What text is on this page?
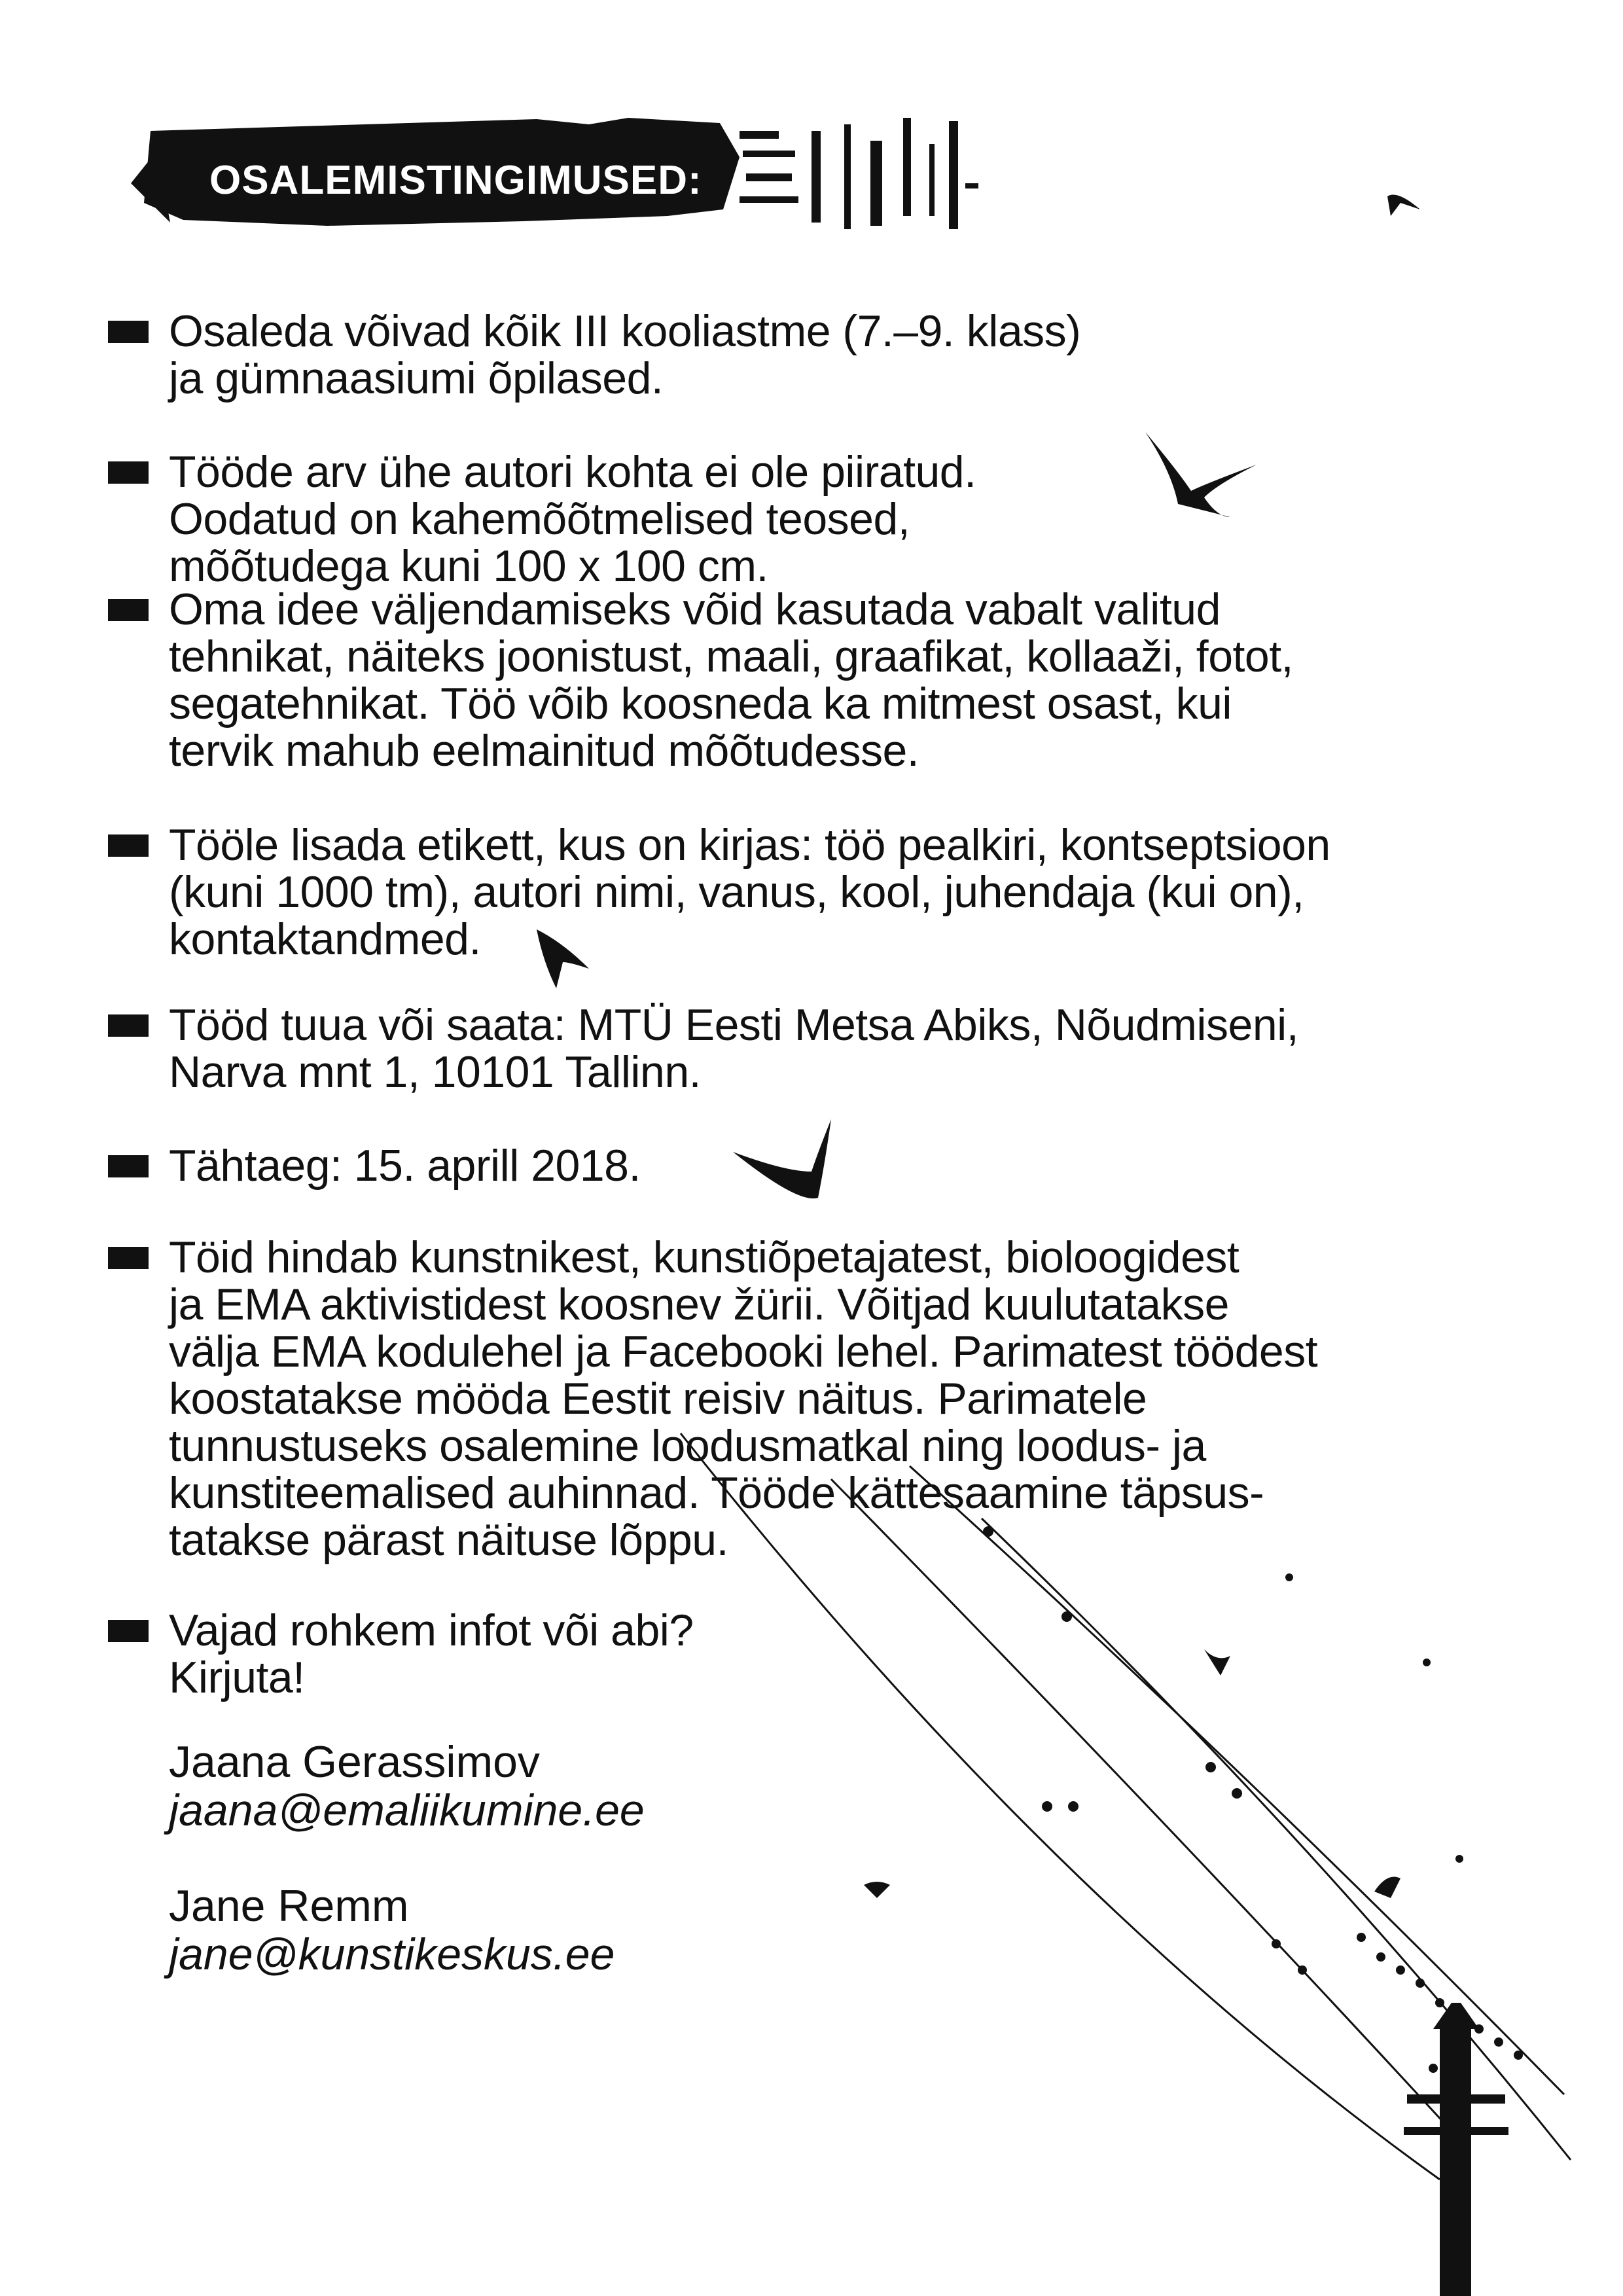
OSALEMISTINGIMUSED:
Osaleda võivad kõik III kooliastme (7.–9. klass)
ja gümnaasiumi õpilased.
Tööde arv ühe autori kohta ei ole piiratud.
Oodatud on kahemõõtmelised teosed,
mõõtudega kuni 100 x 100 cm.
Oma idee väljendamiseks võid kasutada vabalt valitud
tehnikat, näiteks joonistust, maali, graafikat, kollaaži, fotot,
segatehnikat. Töö võib koosneda ka mitmest osast, kui
tervik mahub eelmainitud mõõtudesse.
Tööle lisada etikett, kus on kirjas: töö pealkiri, kontseptsioon
(kuni 1000 tm), autori nimi, vanus, kool, juhendaja (kui on),
kontaktandmed.
Tööd tuua või saata: MTÜ Eesti Metsa Abiks, Nõudmiseni,
Narva mnt 1, 10101 Tallinn.
Tähtaeg: 15. aprill 2018.
Töid hindab kunstnikest, kunstiõpetajatest, bioloogidest
ja EMA aktivistidest koosnev žürii. Võitjad kuulutatakse
välja EMA kodulehel ja Facebooki lehel. Parimatest töödest
koostatakse mööda Eestit reisiv näitus. Parimatele
tunnustuseks osalemine loodusmatkal ning loodus- ja
kunstiteemalised auhinnad. Tööde kättesaamine täpsus-
tatakse pärast näituse lõppu.
Vajad rohkem infot või abi?
Kirjuta!
Jaana Gerassimov
jaana@emaliikumine.ee
Jane Remm
jane@kunstikeskus.ee
